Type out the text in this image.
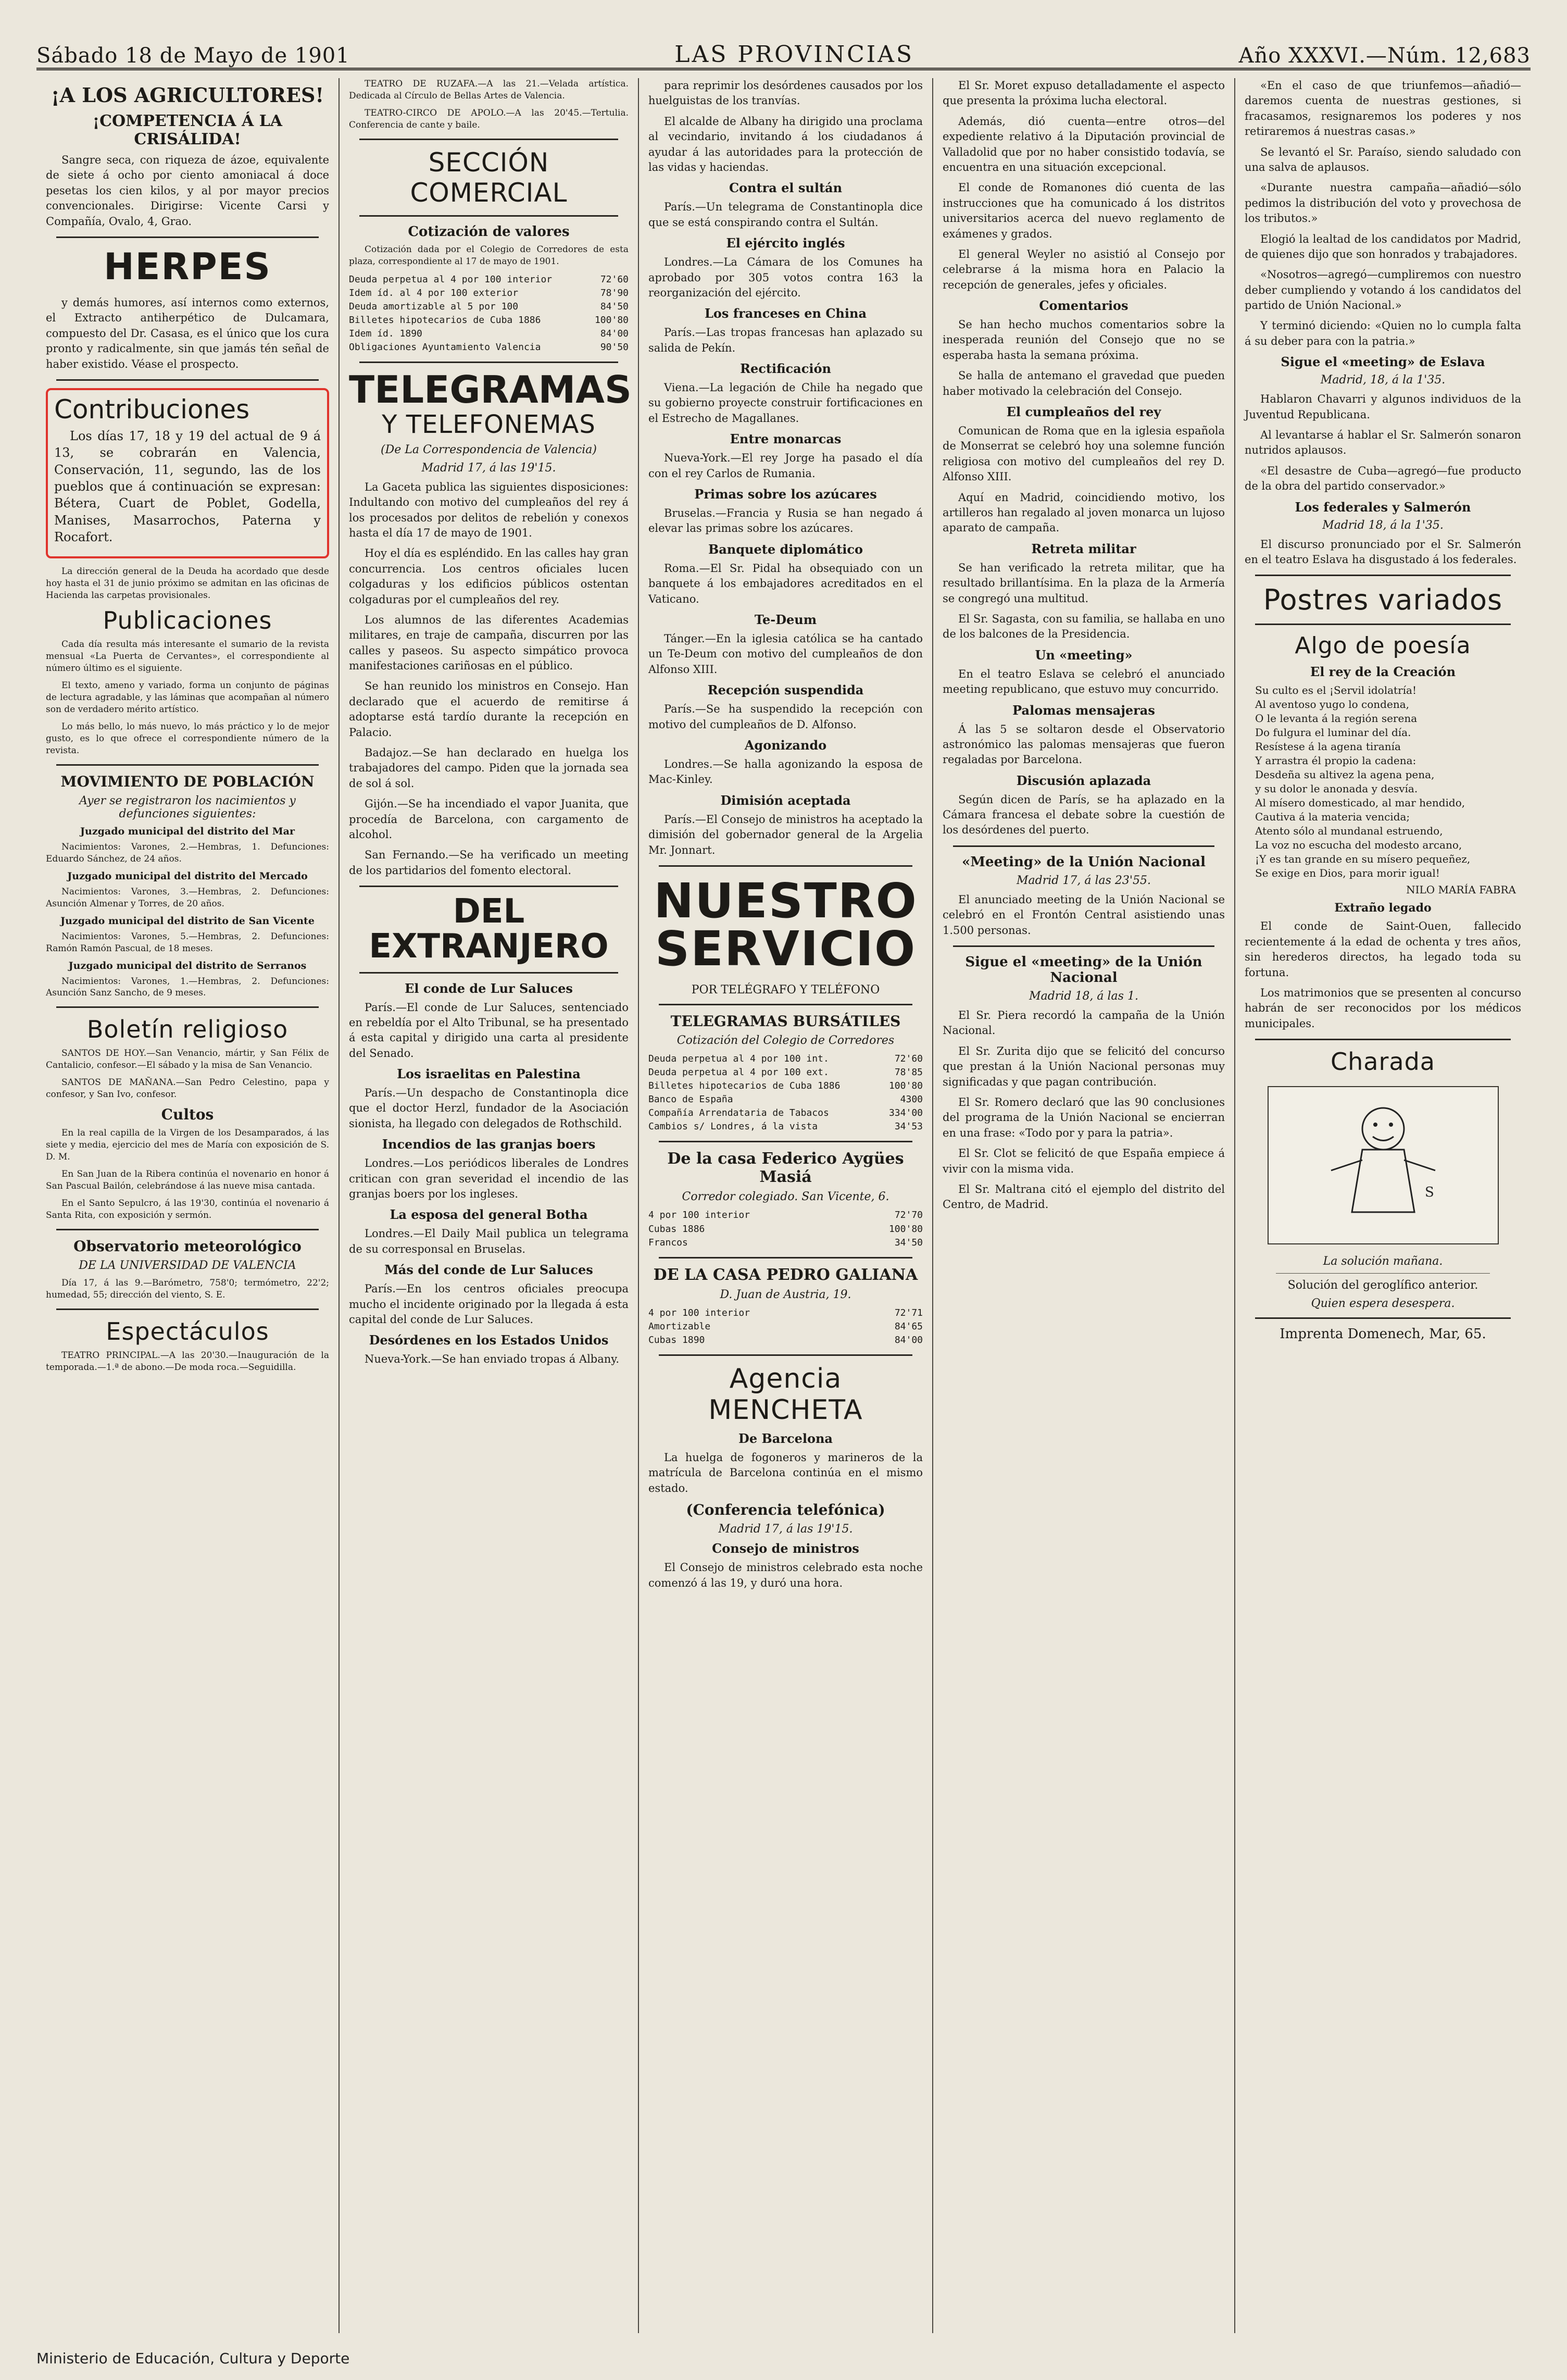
Sábado 18 de Mayo de 1901	LAS PROVINCIAS	Año XXXVI.—Núm. 12,683
¡A LOS AGRICULTORES!
¡COMPETENCIA Á LA CRISÁLIDA!

Sangre seca, con riqueza de ázoe, equivalente de siete á ocho por ciento amoniacal á doce pesetas los cien kilos, y al por mayor precios convencionales. Dirigirse: Vicente Carsi y Compañía, Ovalo, 4, Grao.

HERPES

y demás humores, así internos como externos, el Extracto antiherpético de Dulcamara, compuesto del Dr. Casasa, es el único que los cura pronto y radicalmente, sin que jamás tén señal de haber existido. Véase el prospecto.

Contribuciones

Los días 17, 18 y 19 del actual de 9 á 13, se cobrarán en Valencia, Conservación, 11, segundo, las de los pueblos que á continuación se expresan: Bétera, Cuart de Poblet, Godella, Manises, Masarrochos, Paterna y Rocafort.

La dirección general de la Deuda ha acordado que desde hoy hasta el 31 de junio próximo se admitan en las oficinas de Hacienda las carpetas provisionales.

Publicaciones

Cada día resulta más interesante el sumario de la revista mensual «La Puerta de Cervantes», el correspondiente al número último es el siguiente.

El texto, ameno y variado, forma un conjunto de páginas de lectura agradable, y las láminas que acompañan al número son de verdadero mérito artístico.

Lo más bello, lo más nuevo, lo más práctico y lo de mejor gusto, es lo que ofrece el correspondiente número de la revista.

MOVIMIENTO DE POBLACIÓN
Ayer se registraron los nacimientos y defunciones siguientes:
Juzgado municipal del distrito del Mar

Nacimientos: Varones, 2.—Hembras, 1. Defunciones: Eduardo Sánchez, de 24 años.

Juzgado municipal del distrito del Mercado

Nacimientos: Varones, 3.—Hembras, 2. Defunciones: Asunción Almenar y Torres, de 20 años.

Juzgado municipal del distrito de San Vicente

Nacimientos: Varones, 5.—Hembras, 2. Defunciones: Ramón Ramón Pascual, de 18 meses.

Juzgado municipal del distrito de Serranos

Nacimientos: Varones, 1.—Hembras, 2. Defunciones: Asunción Sanz Sancho, de 9 meses.

Boletín religioso

SANTOS DE HOY.—San Venancio, mártir, y San Félix de Cantalicio, confesor.—El sábado y la misa de San Venancio.

SANTOS DE MAÑANA.—San Pedro Celestino, papa y confesor, y San Ivo, confesor.

Cultos

En la real capilla de la Virgen de los Desamparados, á las siete y media, ejercicio del mes de María con exposición de S. D. M.

En San Juan de la Ribera continúa el novenario en honor á San Pascual Bailón, celebrándose á las nueve misa cantada.

En el Santo Sepulcro, á las 19'30, continúa el novenario á Santa Rita, con exposición y sermón.

Observatorio meteorológico
DE LA UNIVERSIDAD DE VALENCIA

Día 17, á las 9.—Barómetro, 758'0; termómetro, 22'2; humedad, 55; dirección del viento, S. E.

Espectáculos

TEATRO PRINCIPAL.—A las 20'30.—Inauguración de la temporada.—1.ª de abono.—De moda roca.—Seguidilla.

TEATRO DE RUZAFA.—A las 21.—Velada artística. Dedicada al Círculo de Bellas Artes de Valencia.

TEATRO-CIRCO DE APOLO.—A las 20'45.—Tertulia. Conferencia de cante y baile.

SECCIÓN COMERCIAL
Cotización de valores

Cotización dada por el Colegio de Corredores de esta plaza, correspondiente al 17 de mayo de 1901.

Deuda perpetua al 4 por 100 interior	72'60
Idem íd. al 4 por 100 exterior	78'90
Deuda amortizable al 5 por 100	84'50
Billetes hipotecarios de Cuba 1886	100'80
Idem íd. 1890	84'00
Obligaciones Ayuntamiento Valencia	90'50
TELEGRAMAS
Y TELEFONEMAS
(De La Correspondencia de Valencia)
Madrid 17, á las 19'15.

La Gaceta publica las siguientes disposiciones: Indultando con motivo del cumpleaños del rey á los procesados por delitos de rebelión y conexos hasta el día 17 de mayo de 1901.

Hoy el día es espléndido. En las calles hay gran concurrencia. Los centros oficiales lucen colgaduras y los edificios públicos ostentan colgaduras por el cumpleaños del rey.

Los alumnos de las diferentes Academias militares, en traje de campaña, discurren por las calles y paseos. Su aspecto simpático provoca manifestaciones cariñosas en el público.

Se han reunido los ministros en Consejo. Han declarado que el acuerdo de remitirse á adoptarse está tardío durante la recepción en Palacio.

Badajoz.—Se han declarado en huelga los trabajadores del campo. Piden que la jornada sea de sol á sol.

Gijón.—Se ha incendiado el vapor Juanita, que procedía de Barcelona, con cargamento de alcohol.

San Fernando.—Se ha verificado un meeting de los partidarios del fomento electoral.

DEL EXTRANJERO
El conde de Lur Saluces

París.—El conde de Lur Saluces, sentenciado en rebeldía por el Alto Tribunal, se ha presentado á esta capital y dirigido una carta al presidente del Senado.

Los israelitas en Palestina

París.—Un despacho de Constantinopla dice que el doctor Herzl, fundador de la Asociación sionista, ha llegado con delegados de Rothschild.

Incendios de las granjas boers

Londres.—Los periódicos liberales de Londres critican con gran severidad el incendio de las granjas boers por los ingleses.

La esposa del general Botha

Londres.—El Daily Mail publica un telegrama de su corresponsal en Bruselas.

Más del conde de Lur Saluces

París.—En los centros oficiales preocupa mucho el incidente originado por la llegada á esta capital del conde de Lur Saluces.

Desórdenes en los Estados Unidos

Nueva-York.—Se han enviado tropas á Albany.

para reprimir los desórdenes causados por los huelguistas de los tranvías.

El alcalde de Albany ha dirigido una proclama al vecindario, invitando á los ciudadanos á ayudar á las autoridades para la protección de las vidas y haciendas.

Contra el sultán

París.—Un telegrama de Constantinopla dice que se está conspirando contra el Sultán.

El ejército inglés

Londres.—La Cámara de los Comunes ha aprobado por 305 votos contra 163 la reorganización del ejército.

Los franceses en China

París.—Las tropas francesas han aplazado su salida de Pekín.

Rectificación

Viena.—La legación de Chile ha negado que su gobierno proyecte construir fortificaciones en el Estrecho de Magallanes.

Entre monarcas

Nueva-York.—El rey Jorge ha pasado el día con el rey Carlos de Rumania.

Primas sobre los azúcares

Bruselas.—Francia y Rusia se han negado á elevar las primas sobre los azúcares.

Banquete diplomático

Roma.—El Sr. Pidal ha obsequiado con un banquete á los embajadores acreditados en el Vaticano.

Te-Deum

Tánger.—En la iglesia católica se ha cantado un Te-Deum con motivo del cumpleaños de don Alfonso XIII.

Recepción suspendida

París.—Se ha suspendido la recepción con motivo del cumpleaños de D. Alfonso.

Agonizando

Londres.—Se halla agonizando la esposa de Mac-Kinley.

Dimisión aceptada

París.—El Consejo de ministros ha aceptado la dimisión del gobernador general de la Argelia Mr. Jonnart.

NUESTRO
SERVICIO
POR TELÉGRAFO Y TELÉFONO
TELEGRAMAS BURSÁTILES
Cotización del Colegio de Corredores
Deuda perpetua al 4 por 100 int.	72'60
Deuda perpetua al 4 por 100 ext.	78'85
Billetes hipotecarios de Cuba 1886	100'80
Banco de España	4300
Compañía Arrendataria de Tabacos	334'00
Cambios s/ Londres, á la vista	34'53
De la casa Federico Aygües Masiá
Corredor colegiado. San Vicente, 6.
4 por 100 interior	72'70
Cubas 1886	100'80
Francos	34'50
DE LA CASA PEDRO GALIANA
D. Juan de Austria, 19.
4 por 100 interior	72'71
Amortizable	84'65
Cubas 1890	84'00
Agencia MENCHETA
De Barcelona

La huelga de fogoneros y marineros de la matrícula de Barcelona continúa en el mismo estado.

(Conferencia telefónica)
Madrid 17, á las 19'15.
Consejo de ministros

El Consejo de ministros celebrado esta noche comenzó á las 19, y duró una hora.

El Sr. Moret expuso detalladamente el aspecto que presenta la próxima lucha electoral.

Además, dió cuenta—entre otros—del expediente relativo á la Diputación provincial de Valladolid que por no haber consistido todavía, se encuentra en una situación excepcional.

El conde de Romanones dió cuenta de las instrucciones que ha comunicado á los distritos universitarios acerca del nuevo reglamento de exámenes y grados.

El general Weyler no asistió al Consejo por celebrarse á la misma hora en Palacio la recepción de generales, jefes y oficiales.

Comentarios

Se han hecho muchos comentarios sobre la inesperada reunión del Consejo que no se esperaba hasta la semana próxima.

Se halla de antemano el gravedad que pueden haber motivado la celebración del Consejo.

El cumpleaños del rey

Comunican de Roma que en la iglesia española de Monserrat se celebró hoy una solemne función religiosa con motivo del cumpleaños del rey D. Alfonso XIII.

Aquí en Madrid, coincidiendo motivo, los artilleros han regalado al joven monarca un lujoso aparato de campaña.

Retreta militar

Se han verificado la retreta militar, que ha resultado brillantísima. En la plaza de la Armería se congregó una multitud.

El Sr. Sagasta, con su familia, se hallaba en uno de los balcones de la Presidencia.

Un «meeting»

En el teatro Eslava se celebró el anunciado meeting republicano, que estuvo muy concurrido.

Palomas mensajeras

Á las 5 se soltaron desde el Observatorio astronómico las palomas mensajeras que fueron regaladas por Barcelona.

Discusión aplazada

Según dicen de París, se ha aplazado en la Cámara francesa el debate sobre la cuestión de los desórdenes del puerto.

«Meeting» de la Unión Nacional
Madrid 17, á las 23'55.

El anunciado meeting de la Unión Nacional se celebró en el Frontón Central asistiendo unas 1.500 personas.

Sigue el «meeting» de la Unión Nacional
Madrid 18, á las 1.

El Sr. Piera recordó la campaña de la Unión Nacional.

El Sr. Zurita dijo que se felicitó del concurso que prestan á la Unión Nacional personas muy significadas y que pagan contribución.

El Sr. Romero declaró que las 90 conclusiones del programa de la Unión Nacional se encierran en una frase: «Todo por y para la patria».

El Sr. Clot se felicitó de que España empiece á vivir con la misma vida.

El Sr. Maltrana citó el ejemplo del distrito del Centro, de Madrid.

«En el caso de que triunfemos—añadió—daremos cuenta de nuestras gestiones, si fracasamos, resignaremos los poderes y nos retiraremos á nuestras casas.»

Se levantó el Sr. Paraíso, siendo saludado con una salva de aplausos.

«Durante nuestra campaña—añadió—sólo pedimos la distribución del voto y provechosa de los tributos.»

Elogió la lealtad de los candidatos por Madrid, de quienes dijo que son honrados y trabajadores.

«Nosotros—agregó—cumpliremos con nuestro deber cumpliendo y votando á los candidatos del partido de Unión Nacional.»

Y terminó diciendo: «Quien no lo cumpla falta á su deber para con la patria.»

Sigue el «meeting» de Eslava
Madrid, 18, á la 1'35.

Hablaron Chavarri y algunos individuos de la Juventud Republicana.

Al levantarse á hablar el Sr. Salmerón sonaron nutridos aplausos.

«El desastre de Cuba—agregó—fue producto de la obra del partido conservador.»

Los federales y Salmerón
Madrid 18, á la 1'35.

El discurso pronunciado por el Sr. Salmerón en el teatro Eslava ha disgustado á los federales.

Postres variados
Algo de poesía
El rey de la Creación
Su culto es el ¡Servil idolatría!
Al aventoso yugo lo condena,
O le levanta á la región serena
Do fulgura el luminar del día.
Resístese á la agena tiranía
Y arrastra él propio la cadena:
Desdeña su altivez la agena pena,
y su dolor le anonada y desvía.
Al mísero domesticado, al mar hendido,
Cautiva á la materia vencida;
Atento sólo al mundanal estruendo,
La voz no escucha del modesto arcano,
¡Y es tan grande en su mísero pequeñez,
Se exige en Dios, para morir igual!
NILO MARÍA FABRA
Extraño legado

El conde de Saint-Ouen, fallecido recientemente á la edad de ochenta y tres años, sin herederos directos, ha legado toda su fortuna.

Los matrimonios que se presenten al concurso habrán de ser reconocidos por los médicos municipales.

Charada
S
La solución mañana.
Solución del geroglífico anterior.
Quien espera desespera.
Imprenta Domenech, Mar, 65.
Ministerio de Educación, Cultura y Deporte
